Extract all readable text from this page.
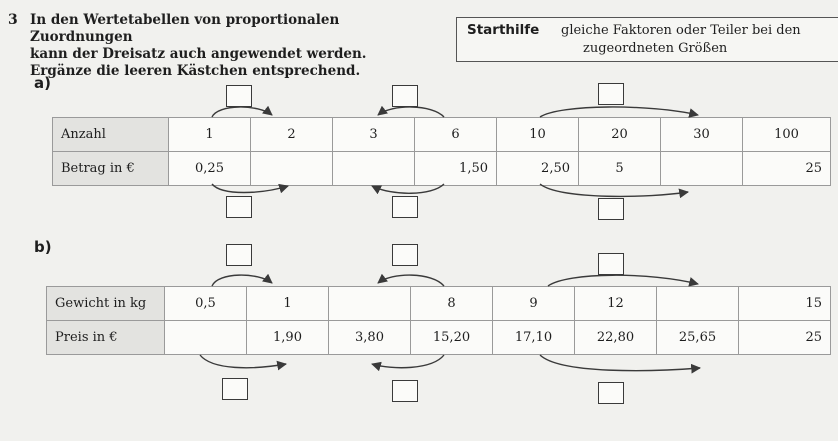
3 In den Wertetabellen von proportionalen Zuordnungen
kann der Dreisatz auch angewendet werden.
Ergänze die leeren Kästchen entsprechend.
Starthilfe gleiche Faktoren oder Teiler bei den
zugeordneten Größen
a)
Anzahl	1	2	3	6	10	20	30	100
Betrag in €	0,25			1,50	2,50	5		25
b)
Gewicht in kg	0,5	1		8	9	12		15
Preis in €		1,90	3,80	15,20	17,10	22,80	25,65	25
